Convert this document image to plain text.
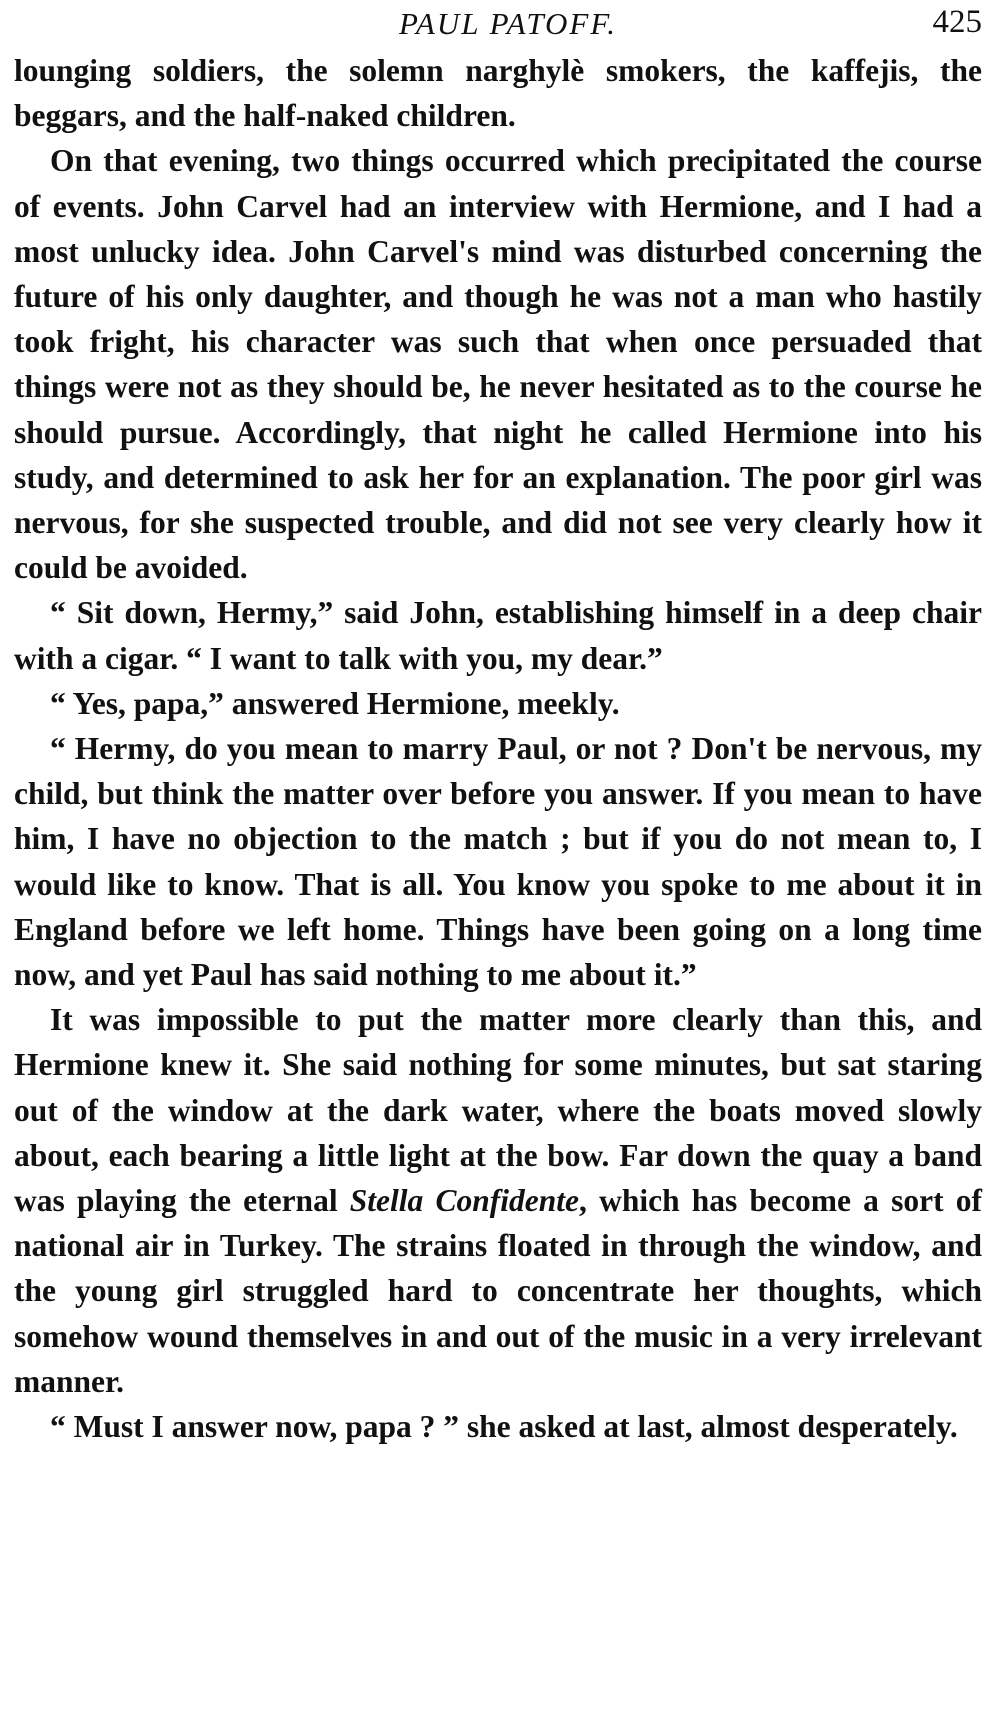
PAUL PATOFF.	425

lounging soldiers, the solemn narghylè smokers, the kaffejis, the beggars, and the half-naked children.

On that evening, two things occurred which precipitated the course of events. John Carvel had an interview with Hermione, and I had a most unlucky idea. John Carvel's mind was disturbed concerning the future of his only daughter, and though he was not a man who hastily took fright, his character was such that when once persuaded that things were not as they should be, he never hesitated as to the course he should pursue. Accordingly, that night he called Hermione into his study, and determined to ask her for an explanation. The poor girl was nervous, for she suspected trouble, and did not see very clearly how it could be avoided.

“ Sit down, Hermy,” said John, establishing himself in a deep chair with a cigar. “ I want to talk with you, my dear.”

“ Yes, papa,” answered Hermione, meekly.

“ Hermy, do you mean to marry Paul, or not ? Don't be nervous, my child, but think the matter over before you answer. If you mean to have him, I have no objection to the match ; but if you do not mean to, I would like to know. That is all. You know you spoke to me about it in England before we left home. Things have been going on a long time now, and yet Paul has said nothing to me about it.”

It was impossible to put the matter more clearly than this, and Hermione knew it. She said nothing for some minutes, but sat staring out of the window at the dark water, where the boats moved slowly about, each bearing a little light at the bow. Far down the quay a band was playing the eternal Stella Confidente, which has become a sort of national air in Turkey. The strains floated in through the window, and the young girl struggled hard to concentrate her thoughts, which somehow wound themselves in and out of the music in a very irrelevant manner.

“ Must I answer now, papa ? ” she asked at last, almost desperately.
